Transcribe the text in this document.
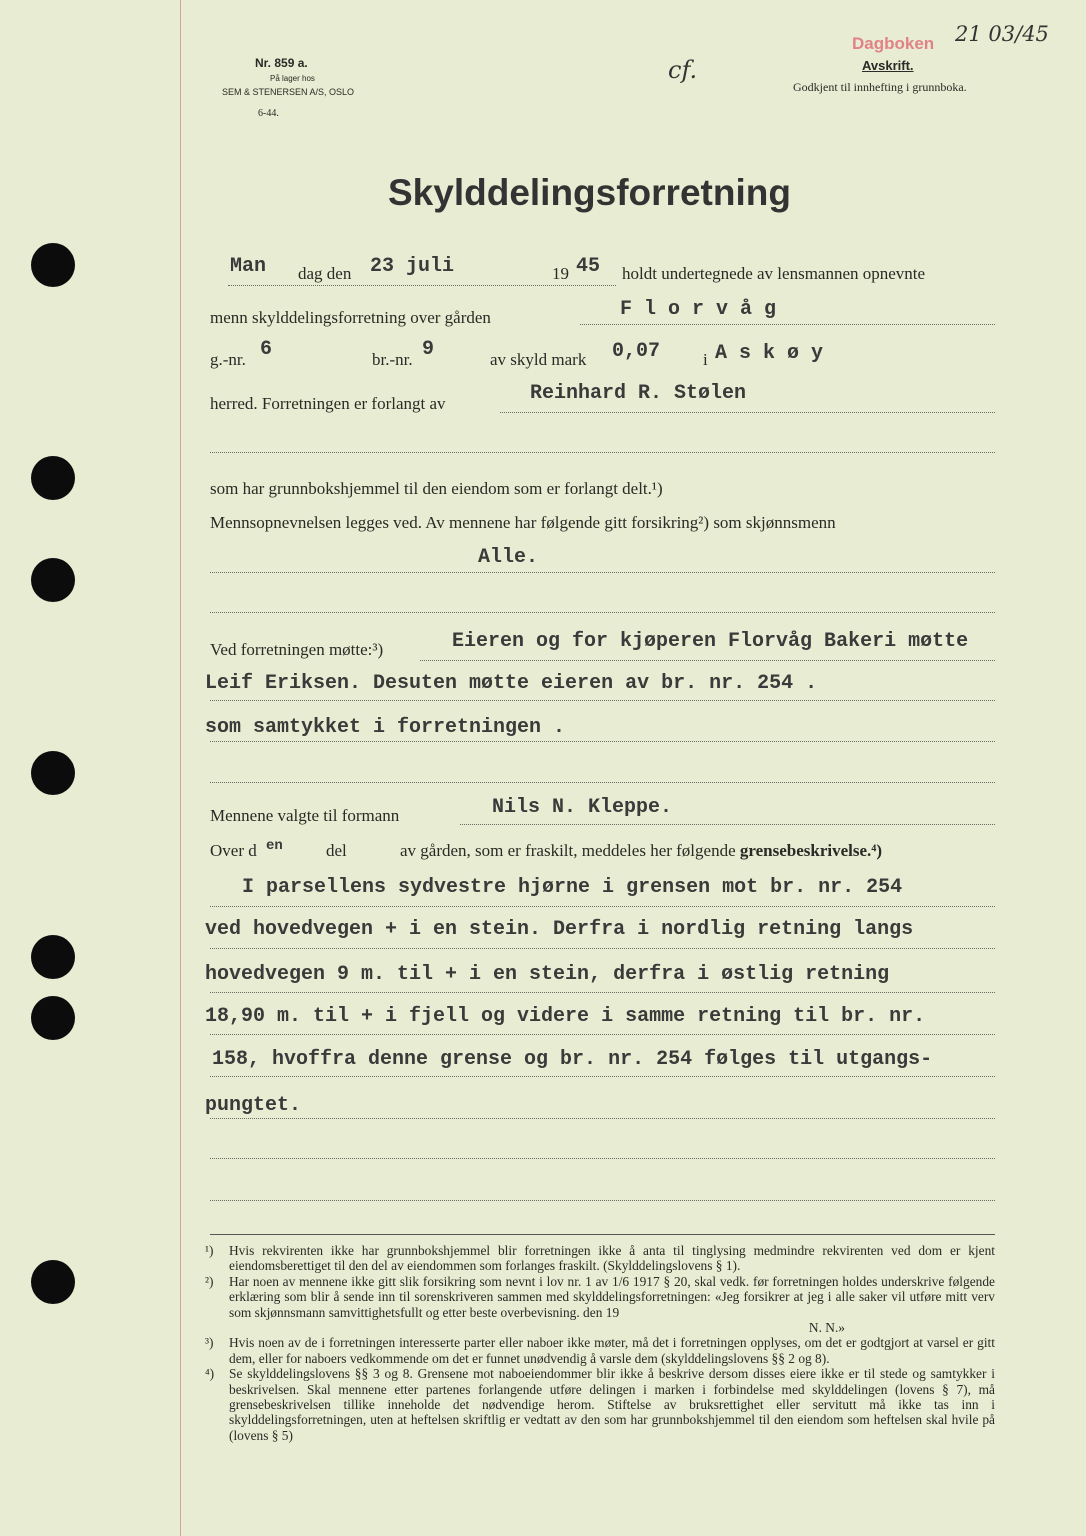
Nr. 859 a.
På lager hos
SEM & STENERSEN A/S, OSLO
6-44.
cf.
Dagboken 21 03/45
Avskrift.
Godkjent til innhefting i grunnboka.
Skylddelingsforretning
Man dag den 23 juli	19 45 holdt undertegnede av lensmannen opnevnte
menn skylddelingsforretning over gården	F l o r v å g
g.-nr. 6	br.-nr. 9	av skyld mark 0,07	i A s k ø y
herred. Forretningen er forlangt av	Reinhard R. Stølen
som har grunnbokshjemmel til den eiendom som er forlangt delt.¹)
Mennsopnevnelsen legges ved. Av mennene har følgende gitt forsikring²) som skjønnsmenn
Alle.
Ved forretningen møtte:³)	Eieren og for kjøperen Florvåg Bakeri møtte
Leif Eriksen. Desuten møtte eieren av br. nr. 254 .
som samtykket i forretningen .
Mennene valgte til formann	Nils N. Kleppe.
Over d en	del	av gården, som er fraskilt, meddeles her følgende grensebeskrivelse.⁴)
I parsellens sydvestre hjørne i grensen mot br. nr. 254
ved hovedvegen + i en stein. Derfra i nordlig retning langs
hovedvegen 9 m. til + i en stein, derfra i østlig retning
18,90 m. til + i fjell og videre i samme retning til br. nr.
158, hvoffra denne grense og br. nr. 254 følges til utgangs-
pungtet.
¹) Hvis rekvirenten ikke har grunnbokshjemmel blir forretningen ikke å anta til tinglysing medmindre rekvirenten ved dom er kjent eiendomsberettiget til den del av eiendommen som forlanges fraskilt. (Skylddelingslovens § 1).
²) Har noen av mennene ikke gitt slik forsikring som nevnt i lov nr. 1 av 1/6 1917 § 20, skal vedk. før forretningen holdes underskrive følgende erklæring som blir å sende inn til sorenskriveren sammen med skylddelingsforretningen: «Jeg forsikrer at jeg i alle saker vil utføre mitt verv som skjønnsmann samvittighetsfullt og etter beste overbevisning. den 19
N. N.»
³) Hvis noen av de i forretningen interesserte parter eller naboer ikke møter, må det i forretningen opplyses, om det er godtgjort at varsel er gitt dem, eller for naboers vedkommende om det er funnet unødvendig å varsle dem (skylddelingslovens §§ 2 og 8).
⁴) Se skylddelingslovens §§ 3 og 8. Grensene mot naboeiendommer blir ikke å beskrive dersom disses eiere ikke er til stede og samtykker i beskrivelsen. Skal mennene etter partenes forlangende utføre delingen i marken i forbindelse med skylddelingen (lovens § 7), må grensebeskrivelsen tillike inneholde det nødvendige herom. Stiftelse av bruksrettighet eller servitutt må ikke tas inn i skylddelingsforretningen, uten at heftelsen skriftlig er vedtatt av den som har grunnbokshjemmel til den eiendom som heftelsen skal hvile på (lovens § 5)
